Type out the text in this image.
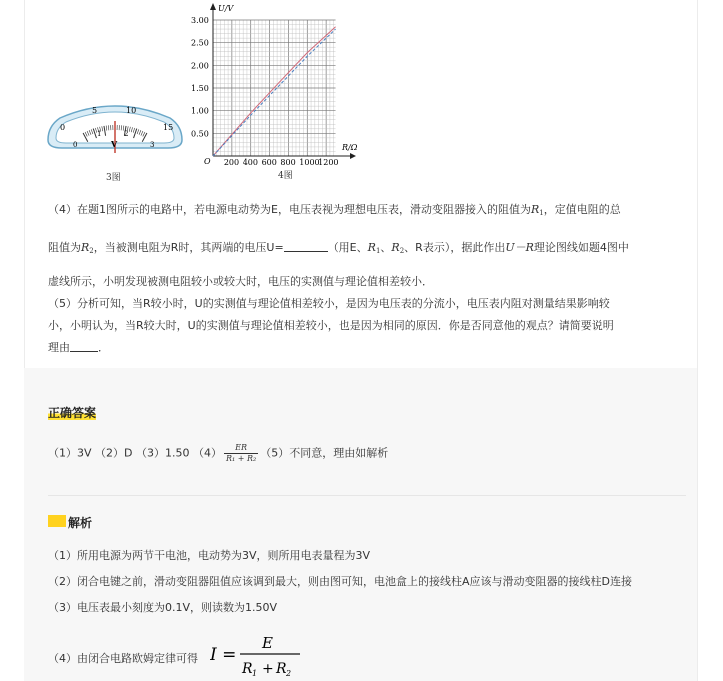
0
5	10
15
0
1	2
3
V
3图
U/V
R/Ω
O 200 400 600 800 1000
1200
3.00
2.50
2.00
1.50
1.00
0.50
4图
（4）在题1图所示的电路中，若电源电动势为E，电压表视为理想电压表，滑动变阻器接入的阻值为$R_1$，定值电阻的总
阻值为$R_2$，当被测电阻为R时，其两端的电压U=	（用E、$R_1$、$R_2$、R表示），据此作出U－R理论图线如题4图中
虚线所示，小明发现被测电阻较小或较大时，电压的实测值与理论值相差较小．
（5）分析可知，当R较小时，U的实测值与理论值相差较小，是因为电压表的分流小，电压表内阻对测量结果影响较
小，小明认为，当R较大时，U的实测值与理论值相差较小，也是因为相同的原因．你是否同意他的观点？请简要说明
理由	．
正确答案
（1）3V （2）D （3）1.50 $(4) \frac{ER}{\text{R₁ + R₂}} (5)$不同意，理由如解析
解析
（1）所用电源为两节干电池，电动势为3V，则所用电表量程为3V
（2）闭合电键之前，滑动变阻器阻值应该调到最大，则由图可知，电池盒上的接线柱A应该与滑动变阻器的接线柱D连接
（3）电压表最小刻度为0.1V，则读数为1.50V
（4）由闭合电路欧姆定律可得 I =
E
R 1 + R 2
